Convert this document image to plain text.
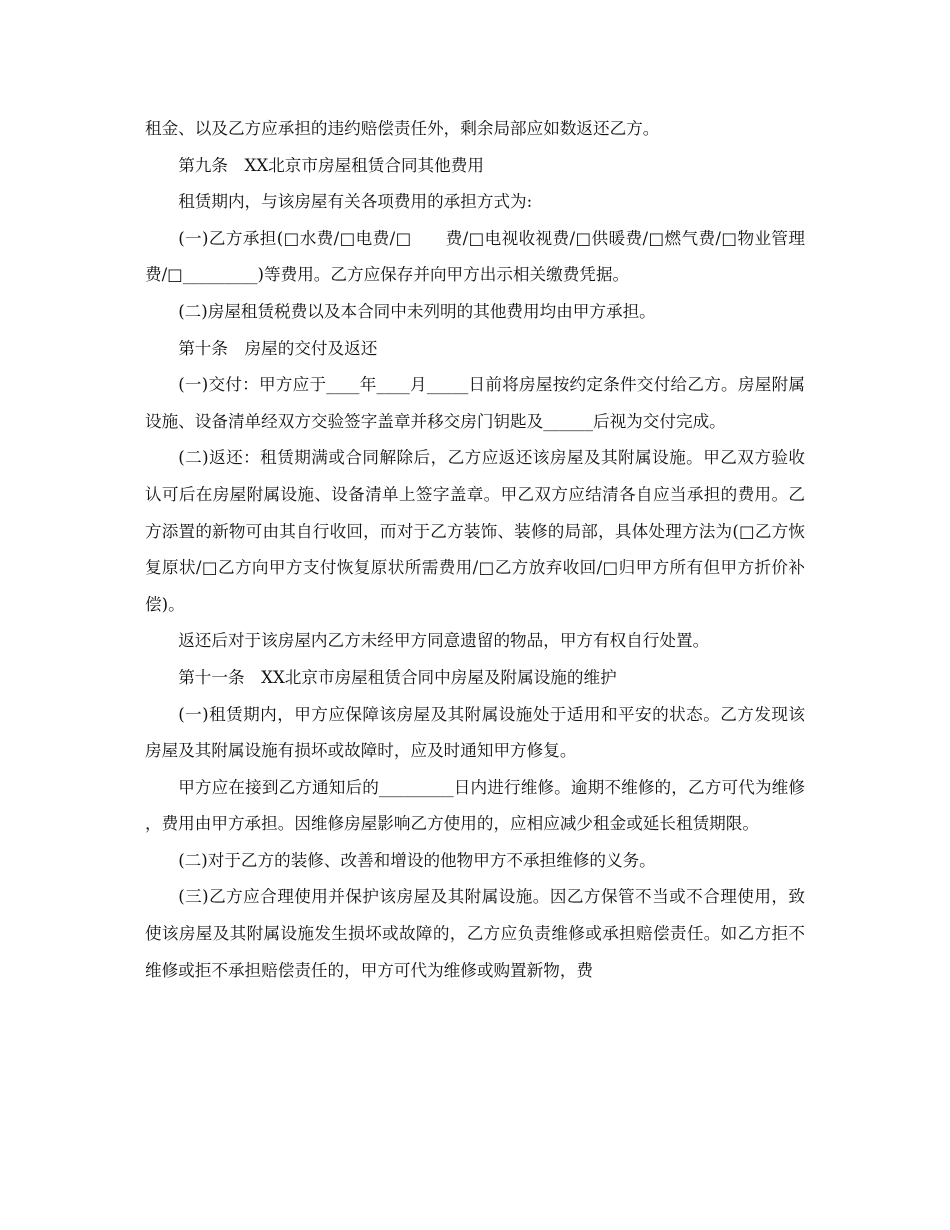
租金、以及乙方应承担的违约赔偿责任外，剩余局部应如数返还乙方。

第九条　XX北京市房屋租赁合同其他费用

租赁期内，与该房屋有关各项费用的承担方式为:

(一)乙方承担(□水费/□电费/□　　费/□电视收视费/□供暖费/□燃气费/□物业管理费/□_________)等费用。乙方应保存并向甲方出示相关缴费凭据。

(二)房屋租赁税费以及本合同中未列明的其他费用均由甲方承担。

第十条　房屋的交付及返还

(一)交付：甲方应于____年____月_____日前将房屋按约定条件交付给乙方。房屋附属设施、设备清单经双方交验签字盖章并移交房门钥匙及______后视为交付完成。

(二)返还：租赁期满或合同解除后，乙方应返还该房屋及其附属设施。甲乙双方验收认可后在房屋附属设施、设备清单上签字盖章。甲乙双方应结清各自应当承担的费用。乙方添置的新物可由其自行收回，而对于乙方装饰、装修的局部，具体处理方法为(□乙方恢复原状/□乙方向甲方支付恢复原状所需费用/□乙方放弃收回/□归甲方所有但甲方折价补偿)。

返还后对于该房屋内乙方未经甲方同意遗留的物品，甲方有权自行处置。

第十一条　XX北京市房屋租赁合同中房屋及附属设施的维护

(一)租赁期内，甲方应保障该房屋及其附属设施处于适用和平安的状态。乙方发现该房屋及其附属设施有损坏或故障时，应及时通知甲方修复。

甲方应在接到乙方通知后的_________日内进行维修。逾期不维修的，乙方可代为维修，费用由甲方承担。因维修房屋影响乙方使用的，应相应减少租金或延长租赁期限。

(二)对于乙方的装修、改善和增设的他物甲方不承担维修的义务。

(三)乙方应合理使用并保护该房屋及其附属设施。因乙方保管不当或不合理使用，致使该房屋及其附属设施发生损坏或故障的，乙方应负责维修或承担赔偿责任。如乙方拒不维修或拒不承担赔偿责任的，甲方可代为维修或购置新物，费
